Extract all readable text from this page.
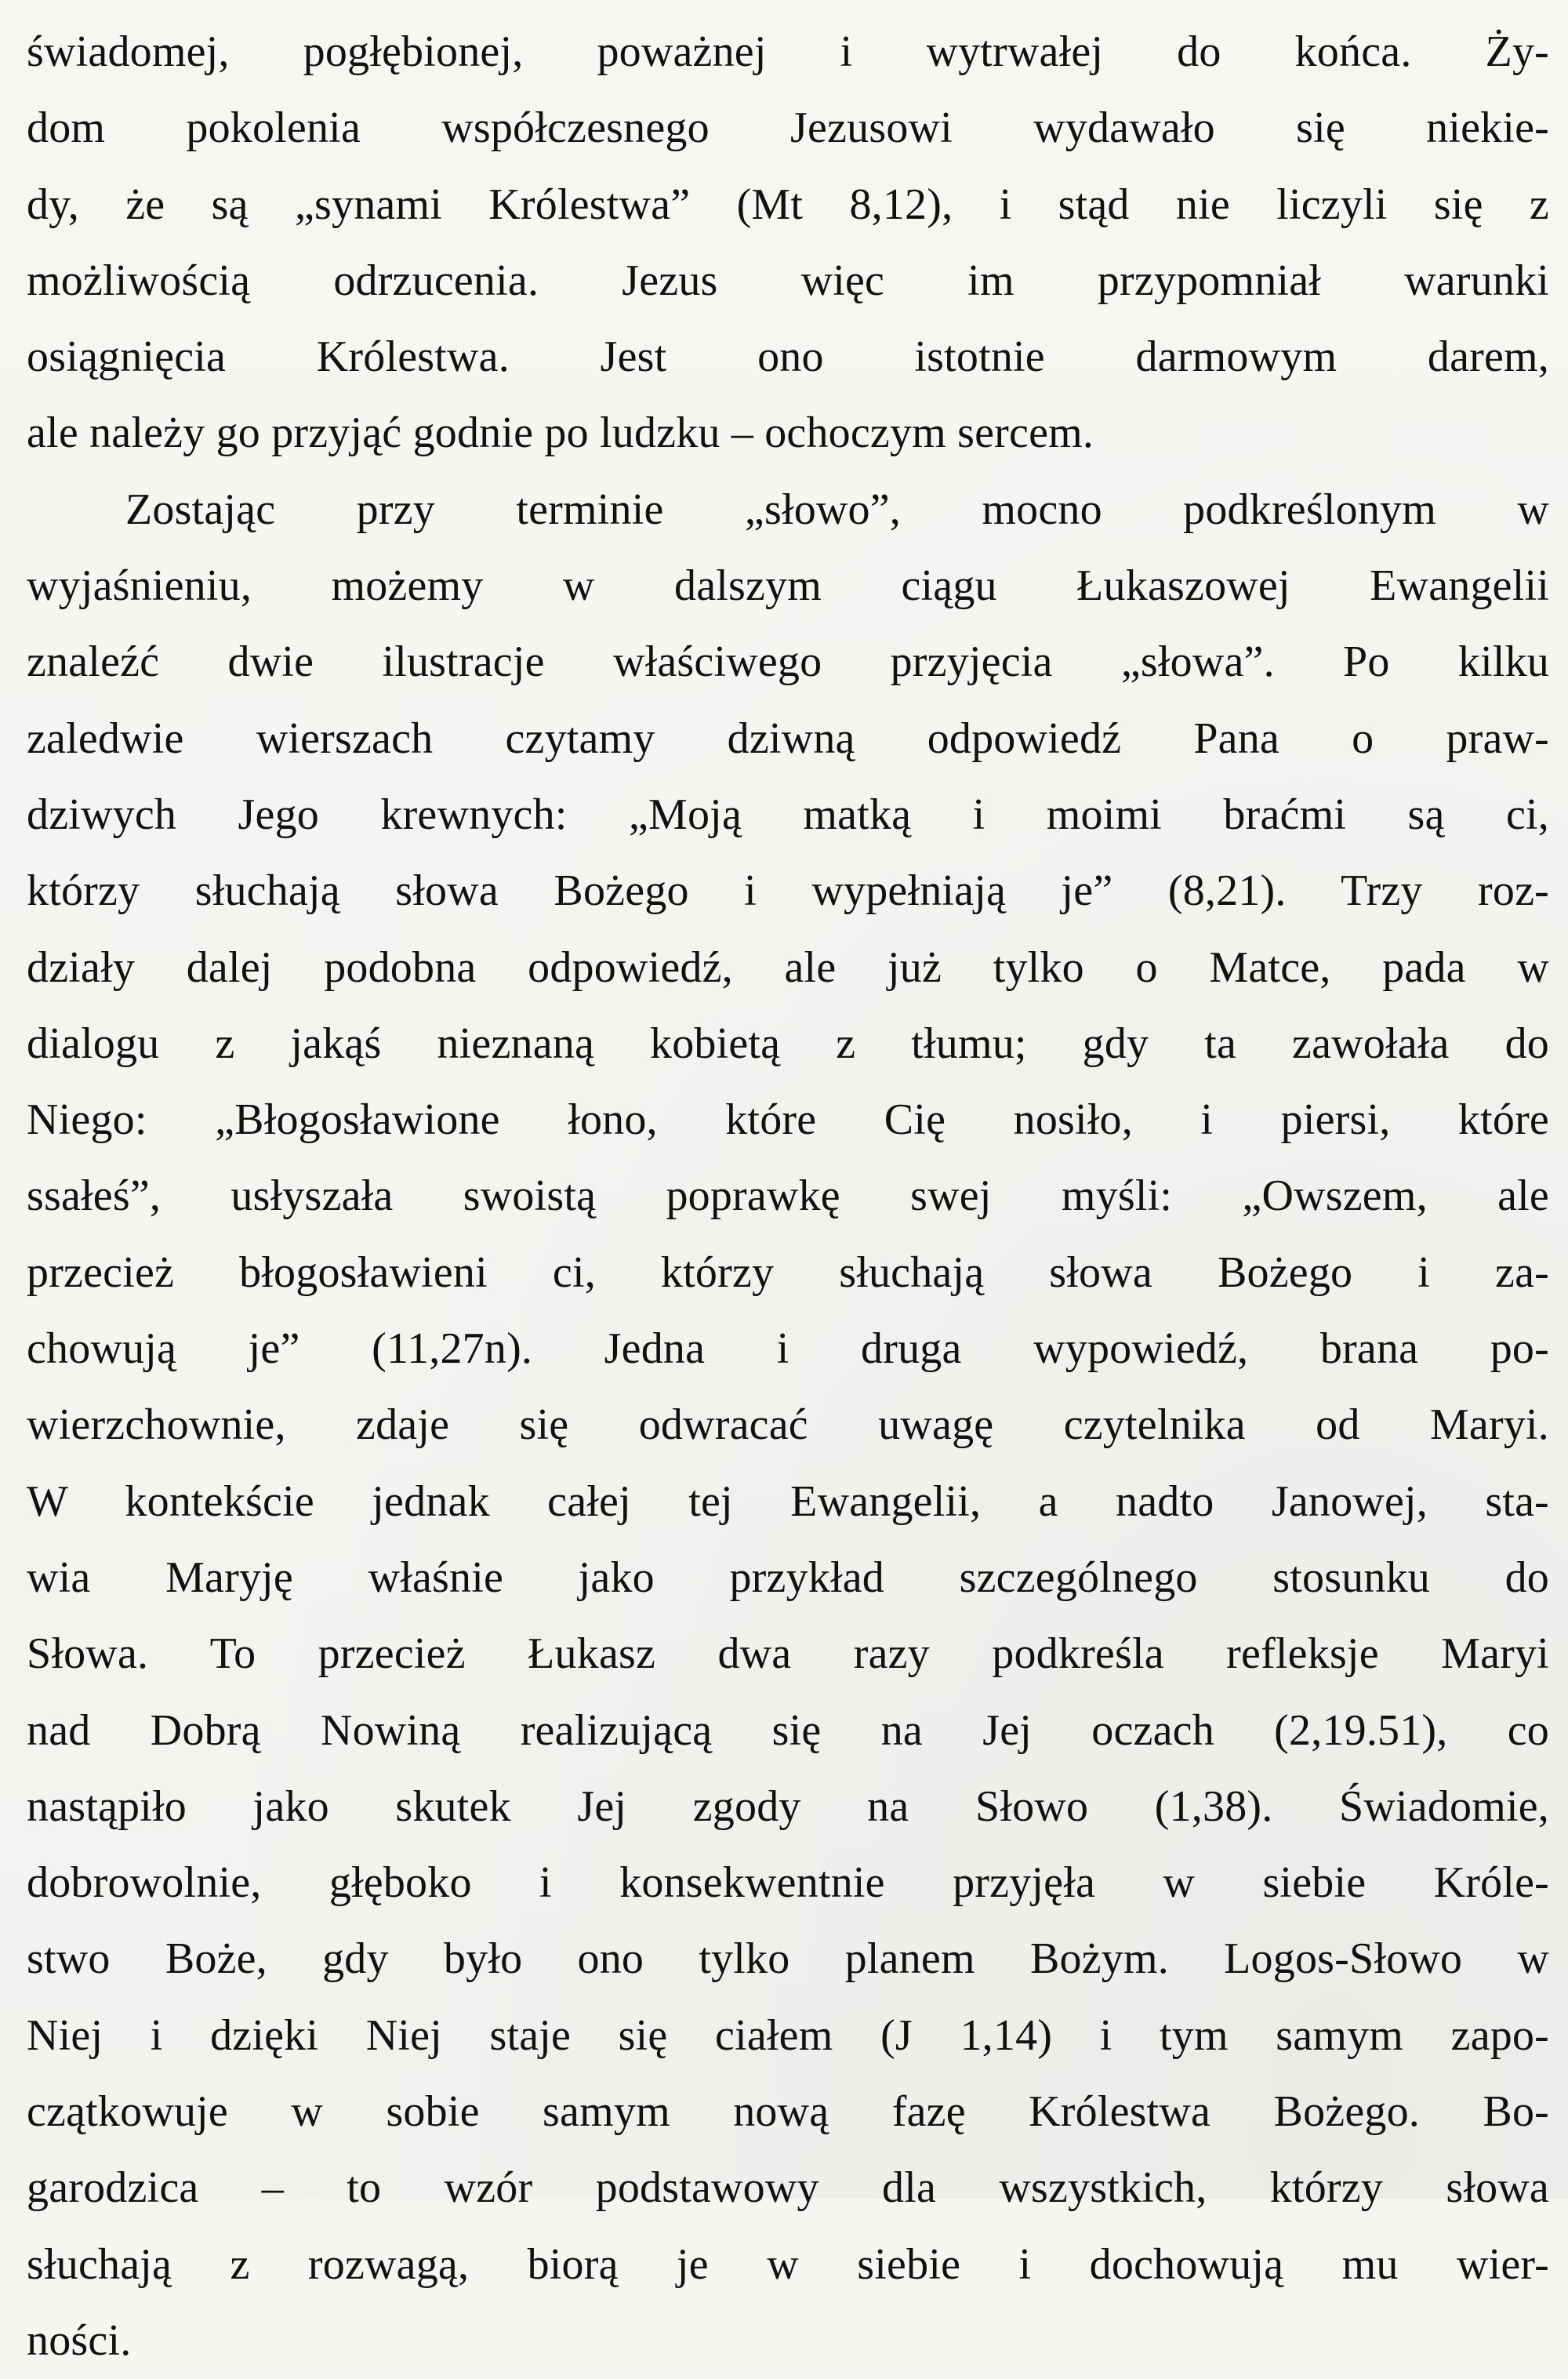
świadomej, pogłębionej, poważnej i wytrwałej do końca. Ży-
dom pokolenia współczesnego Jezusowi wydawało się niekie-
dy, że są „synami Królestwa” (Mt 8,12), i stąd nie liczyli się z
możliwością odrzucenia. Jezus więc im przypomniał warunki
osiągnięcia Królestwa. Jest ono istotnie darmowym darem,
ale należy go przyjąć godnie po ludzku – ochoczym sercem.
Zostając przy terminie „słowo”, mocno podkreślonym w
wyjaśnieniu, możemy w dalszym ciągu Łukaszowej Ewangelii
znaleźć dwie ilustracje właściwego przyjęcia „słowa”. Po kilku
zaledwie wierszach czytamy dziwną odpowiedź Pana o praw-
dziwych Jego krewnych: „Moją matką i moimi braćmi są ci,
którzy słuchają słowa Bożego i wypełniają je” (8,21). Trzy roz-
działy dalej podobna odpowiedź, ale już tylko o Matce, pada w
dialogu z jakąś nieznaną kobietą z tłumu; gdy ta zawołała do
Niego: „Błogosławione łono, które Cię nosiło, i piersi, które
ssałeś”, usłyszała swoistą poprawkę swej myśli: „Owszem, ale
przecież błogosławieni ci, którzy słuchają słowa Bożego i za-
chowują je” (11,27n). Jedna i druga wypowiedź, brana po-
wierzchownie, zdaje się odwracać uwagę czytelnika od Maryi.
W kontekście jednak całej tej Ewangelii, a nadto Janowej, sta-
wia Maryję właśnie jako przykład szczególnego stosunku do
Słowa. To przecież Łukasz dwa razy podkreśla refleksje Maryi
nad Dobrą Nowiną realizującą się na Jej oczach (2,19.51), co
nastąpiło jako skutek Jej zgody na Słowo (1,38). Świadomie,
dobrowolnie, głęboko i konsekwentnie przyjęła w siebie Króle-
stwo Boże, gdy było ono tylko planem Bożym. Logos-Słowo w
Niej i dzięki Niej staje się ciałem (J 1,14) i tym samym zapo-
czątkowuje w sobie samym nową fazę Królestwa Bożego. Bo-
garodzica – to wzór podstawowy dla wszystkich, którzy słowa
słuchają z rozwagą, biorą je w siebie i dochowują mu wier-
ności.
